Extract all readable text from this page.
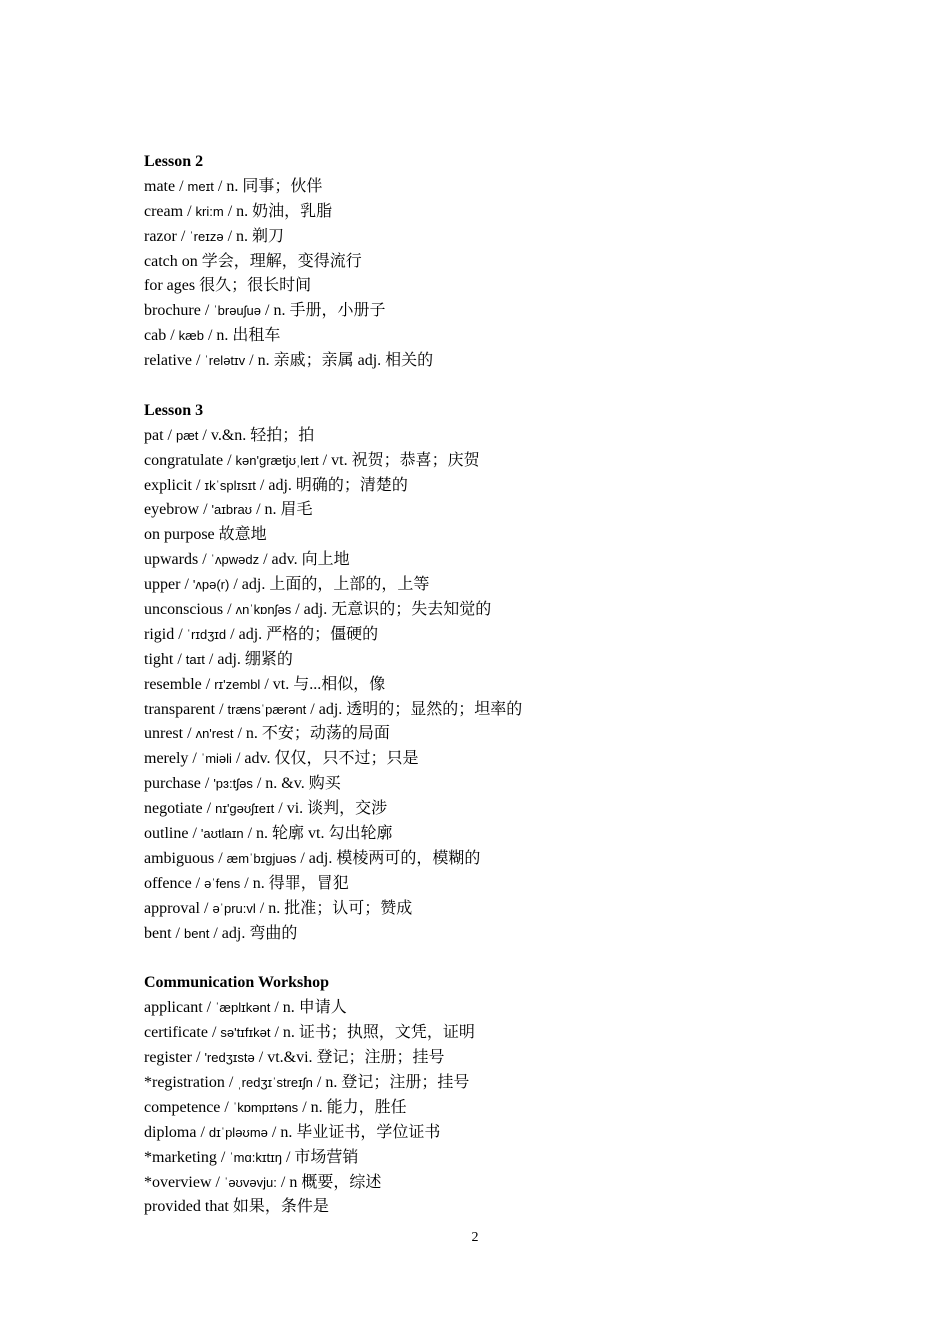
Lesson 2
mate / meɪt / n. 同事；伙伴
cream / kri:m / n. 奶油，乳脂
razor / ˈreɪzə / n. 剃刀
catch on 学会，理解，变得流行
for ages 很久；很长时间
brochure / ˈbrəuʃuə / n. 手册，小册子
cab / kæb / n. 出租车
relative / ˈrelətɪv / n. 亲戚；亲属 adj. 相关的
Lesson 3
pat / pæt / v.&n. 轻拍；拍
congratulate / kən'grætjʊˌleɪt / vt. 祝贺；恭喜；庆贺
explicit / ɪkˈsplɪsɪt / adj. 明确的；清楚的
eyebrow / 'aɪbraʊ / n. 眉毛
on purpose 故意地
upwards / ˈʌpwədz / adv. 向上地
upper / 'ʌpə(r) / adj. 上面的，上部的，上等
unconscious / ʌnˈkɒnʃəs / adj. 无意识的；失去知觉的
rigid / ˈrɪdʒɪd / adj. 严格的；僵硬的
tight / taɪt / adj. 绷紧的
resemble / rɪ'zembl / vt. 与...相似，像
transparent / trænsˈpærənt / adj. 透明的；显然的；坦率的
unrest / ʌn'rest / n. 不安；动荡的局面
merely / ˈmiəli / adv. 仅仅，只不过；只是
purchase / 'pɜ:tʃəs / n. &v. 购买
negotiate / nɪ'gəʊʃɪeɪt / vi. 谈判，交涉
outline / 'aʊtlaɪn / n. 轮廓 vt. 勾出轮廓
ambiguous / æmˈbɪgjuəs / adj. 模棱两可的，模糊的
offence / əˈfens / n. 得罪，冒犯
approval / əˈpru:vl / n. 批准；认可；赞成
bent / bent / adj. 弯曲的
Communication Workshop
applicant / ˈæplɪkənt / n. 申请人
certificate / sə'tɪfɪkət / n. 证书；执照，文凭，证明
register / 'redʒɪstə / vt.&vi. 登记；注册；挂号
*registration / ˌredʒɪˈstreɪʃn / n. 登记；注册；挂号
competence / ˈkɒmpɪtəns / n. 能力，胜任
diploma / dɪˈpləʊmə / n. 毕业证书，学位证书
*marketing / ˈmɑ:kɪtɪŋ / 市场营销
*overview / ˈəʊvəvju: / n 概要，综述
provided that 如果，条件是
2
